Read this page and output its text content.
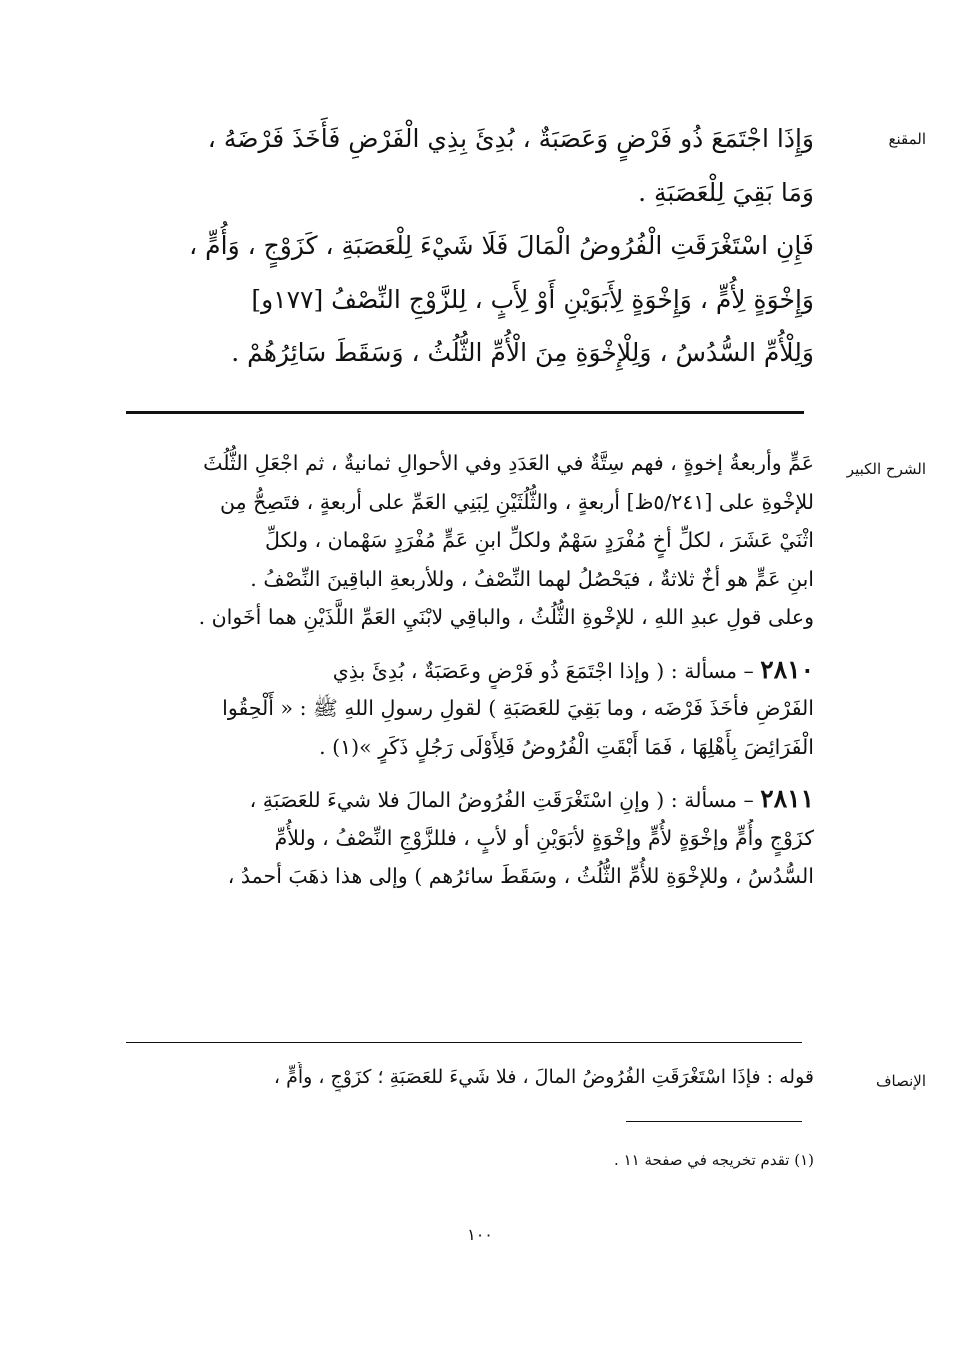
المقنع
وَإِذَا اجْتَمَعَ ذُو فَرْضٍ وَعَصَبَةٌ ، بُدِئَ بِذِي الْفَرْضِ فَأَخَذَ فَرْضَهُ ،
وَمَا بَقِيَ لِلْعَصَبَةِ .
فَإِنِ اسْتَغْرَقَتِ الْفُرُوضُ الْمَالَ فَلَا شَيْءَ لِلْعَصَبَةِ ، كَزَوْجٍ ، وَأُمٍّ ،
وَإِخْوَةٍ لِأُمٍّ ، وَإِخْوَةٍ لِأَبَوَيْنِ أَوْ لِأَبٍ ، لِلزَّوْجِ النِّصْفُ [١٧٧و]
وَلِلْأُمِّ السُّدُسُ ، وَلِلْإِخْوَةِ مِنَ الْأُمِّ الثُّلُثُ ، وَسَقَطَ سَائِرُهُمْ .
الشرح الكبير
عَمٍّ وأربعةُ إخوةٍ ، فهم سِتَّةٌ في العَدَدِ وفي الأحوالِ ثمانيةٌ ، ثم اجْعَلِ الثُّلُثَ
للإخْوةِ على [٥/٢٤١ظ] أربعةٍ ، والثُّلُثَيْنِ لِبَنِي العَمِّ على أربعةٍ ، فتَصِحُّ مِن
اثْنَيْ عَشَرَ ، لكلِّ أخٍ مُفْرَدٍ سَهْمٌ ولكلِّ ابنِ عَمٍّ مُفْرَدٍ سَهْمان ، ولكلِّ
ابنِ عَمٍّ هو أخٌ ثلاثةٌ ، فيَحْصُلُ لهما النِّصْفُ ، وللأربعةِ الباقِينَ النِّصْفُ .
وعلى قولِ عبدِ اللهِ ، للإخْوةِ الثُّلُثُ ، والباقِي لابْنَيِ العَمِّ اللَّذَيْنِ هما أخَوان .
٢٨١٠ – مسألة : ( وإذا اجْتَمَعَ ذُو فَرْضٍ وعَصَبَةٌ ، بُدِئَ بذِي
الفَرْضِ فأخَذَ فَرْضَه ، وما بَقِيَ للعَصَبَةِ ) لقولِ رسولِ اللهِ ﷺ : « أَلْحِقُوا
الْفَرَائِضَ بِأَهْلِهَا ، فَمَا أَبْقَتِ الْفُرُوضُ فَلِأَوْلَى رَجُلٍ ذَكَرٍ »(١) .
٢٨١١ – مسألة : ( وإنِ اسْتَغْرَقَتِ الفُرُوضُ المالَ فلا شيءَ للعَصَبَةِ ،
كزَوْجٍ وأُمٍّ وإخْوَةٍ لأُمٍّ وإخْوَةٍ لأبَوَيْنِ أو لأبٍ ، فللزَّوْجِ النِّصْفُ ، وللأُمِّ
السُّدُسُ ، وللإخْوَةِ للأُمِّ الثُّلُثُ ، وسَقَطَ سائرُهم ) وإلى هذا ذهَبَ أحمدُ ،
الإنصاف
قوله : فإذَا اسْتَغْرَقَتِ الفُرُوضُ المالَ ، فلا شَيءَ للعَصَبَةِ ؛ كزَوْجٍ ، وأُمٍّ ،
(١) تقدم تخريجه في صفحة ١١ .
١٠٠
